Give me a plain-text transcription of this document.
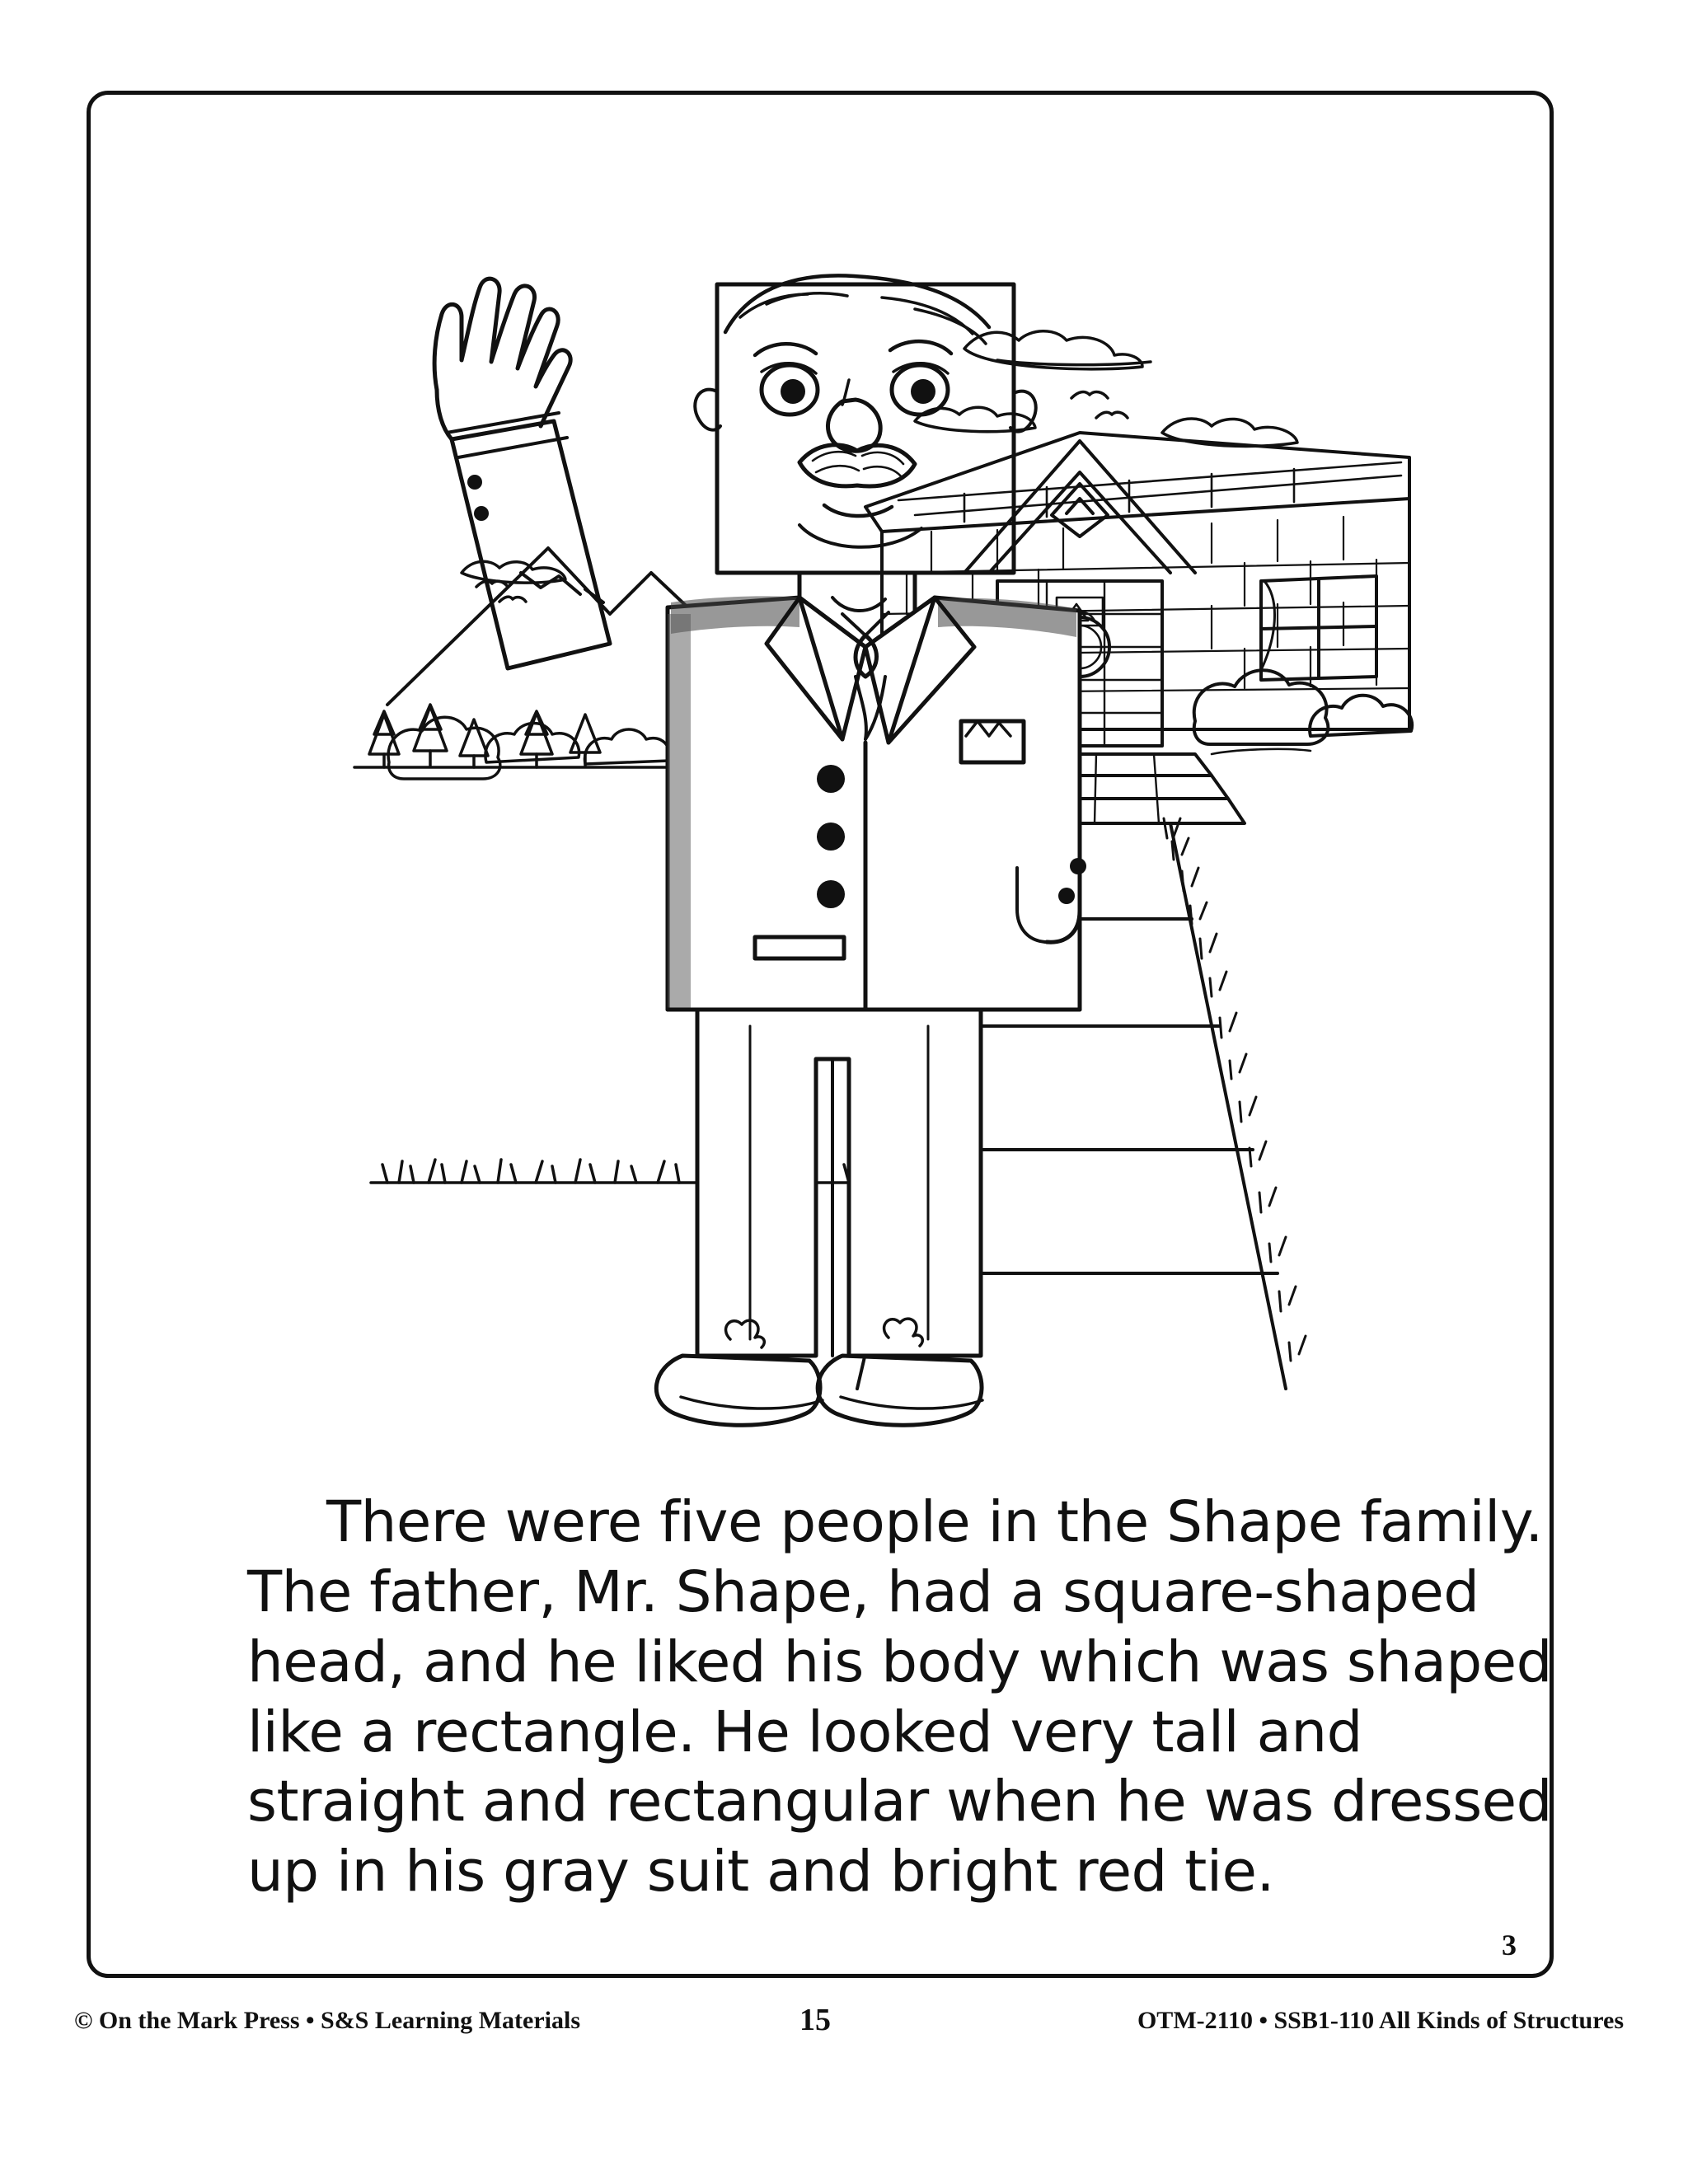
There were five people in the Shape family. The father, Mr. Shape, had a square-shaped head, and he liked his body which was shaped like a rectangle. He looked very tall and straight and rectangular when he was dressed up in his gray suit and bright red tie.

3
© On the Mark Press • S&S Learning Materials	15	OTM-2110 • SSB1-110 All Kinds of Structures
